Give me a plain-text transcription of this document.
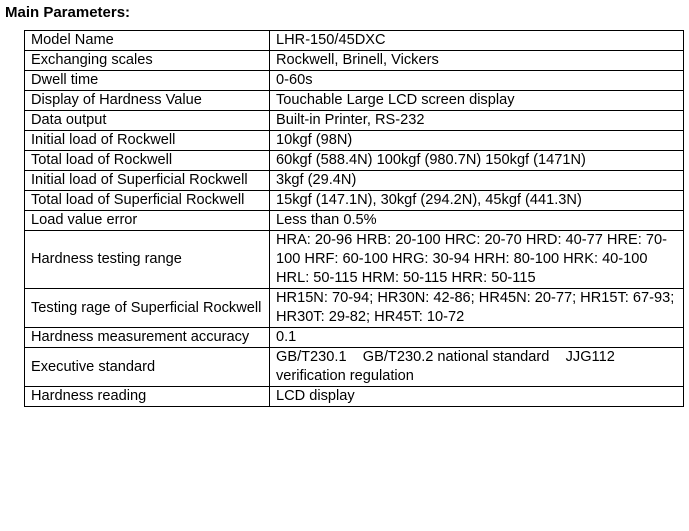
Main Parameters:
Model Name	LHR-150/45DXC
Exchanging scales	Rockwell, Brinell, Vickers
Dwell time	0-60s
Display of Hardness Value	Touchable Large LCD screen display
Data output	Built-in Printer, RS-232
Initial load of Rockwell	10kgf (98N)
Total load of Rockwell	60kgf (588.4N) 100kgf (980.7N) 150kgf (1471N)
Initial load of Superficial Rockwell	3kgf (29.4N)
Total load of Superficial Rockwell	15kgf (147.1N), 30kgf (294.2N), 45kgf (441.3N)
Load value error	Less than 0.5%
Hardness testing range	HRA: 20-96 HRB: 20-100 HRC: 20-70 HRD: 40-77 HRE: 70-100 HRF: 60-100 HRG: 30-94 HRH: 80-100 HRK: 40-100 HRL: 50-115 HRM: 50-115 HRR: 50-115
Testing rage of Superficial Rockwell	HR15N: 70-94; HR30N: 42-86; HR45N: 20-77; HR15T: 67-93; HR30T: 29-82; HR45T: 10-72
Hardness measurement accuracy	0.1
Executive standard	GB/T230.1    GB/T230.2 national standard    JJG112 verification regulation
Hardness reading	LCD display
